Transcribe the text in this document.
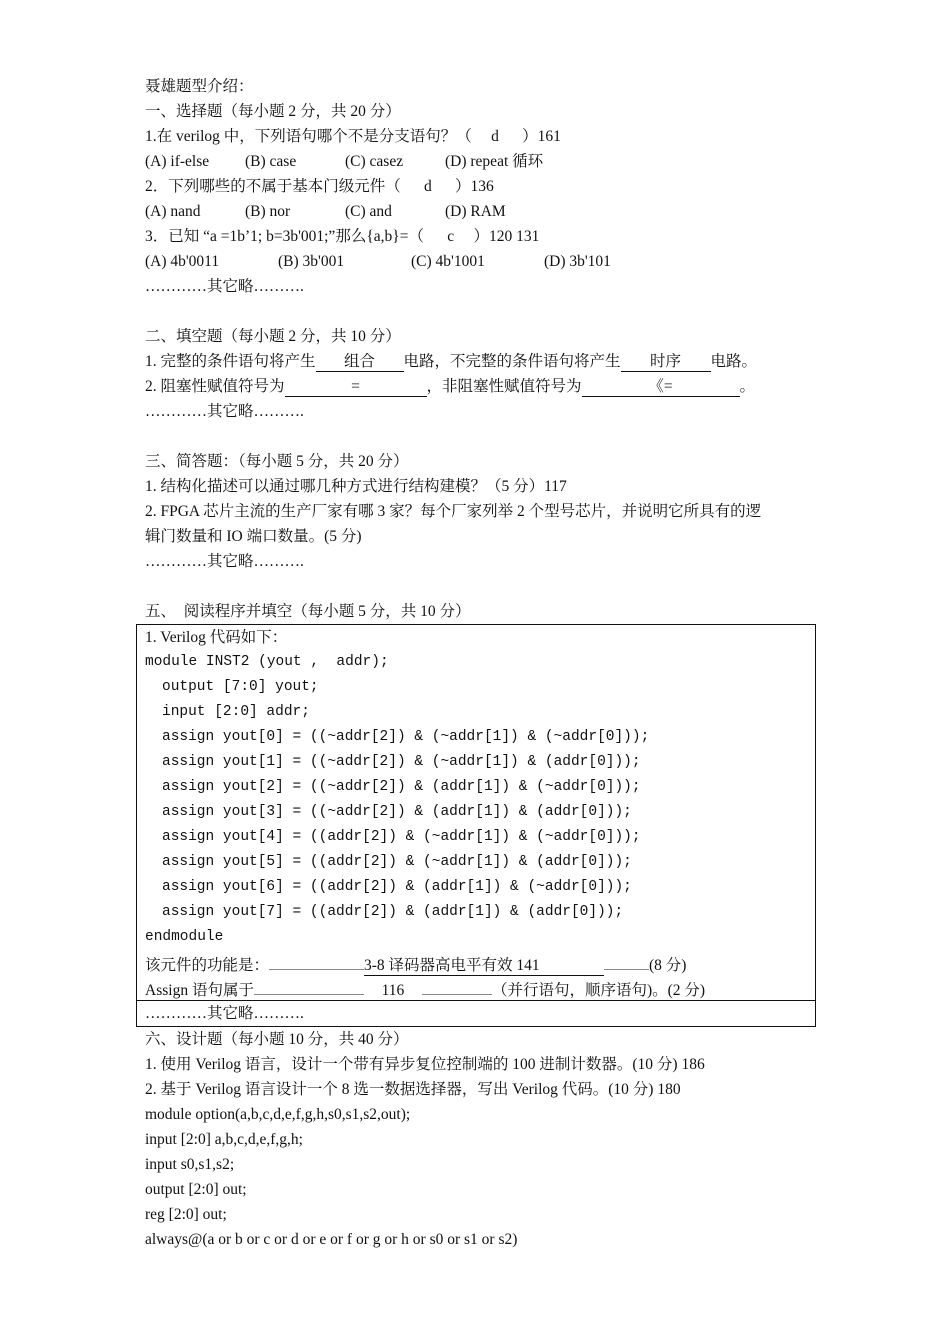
聂雄题型介绍：
一、选择题（每小题 2 分，共 20 分）
1.在 verilog 中，下列语句哪个不是分支语句？（     d      ）161
(A) if-else (B) case	(C) casez	(D) repeat 循环
2．下列哪些的不属于基本门级元件（      d      ）136
(A) nand	(B) nor	(C) and	(D) RAM
3．已知 “a =1b’1; b=3b'001;”那么{a,b}=（      c     ）120 131
(A) 4b'0011	(B) 3b'001	(C) 4b'1001	(D) 3b'101
…………其它略……….
二、填空题（每小题 2 分，共 10 分）
1. 完整的条件语句将产生 组合 电路，不完整的条件语句将产生 时序 电路。
2. 阻塞性赋值符号为	=	，非阻塞性赋值符号为	《=	。
…………其它略……….
三、简答题：（每小题 5 分，共 20 分）
1. 结构化描述可以通过哪几种方式进行结构建模？（5 分）117
2. FPGA 芯片主流的生产厂家有哪 3 家？每个厂家列举 2 个型号芯片，并说明它所具有的逻
辑门数量和 IO 端口数量。(5 分)
…………其它略……….
五、  阅读程序并填空（每小题 5 分，共 10 分）
1. Verilog 代码如下：
module INST2 (yout ,  addr);
output [7:0] yout;
input [2:0] addr;
assign yout[0] = ((~addr[2]) & (~addr[1]) & (~addr[0]));
assign yout[1] = ((~addr[2]) & (~addr[1]) & (addr[0]));
assign yout[2] = ((~addr[2]) & (addr[1]) & (~addr[0]));
assign yout[3] = ((~addr[2]) & (addr[1]) & (addr[0]));
assign yout[4] = ((addr[2]) & (~addr[1]) & (~addr[0]));
assign yout[5] = ((addr[2]) & (~addr[1]) & (addr[0]));
assign yout[6] = ((addr[2]) & (addr[1]) & (~addr[0]));
assign yout[7] = ((addr[2]) & (addr[1]) & (addr[0]));
endmodule
该元件的功能是：	3-8 译码器高电平有效 141	(8 分)
Assign 语句属于	116	（并行语句，顺序语句)。(2 分)
…………其它略……….
六、设计题（每小题 10 分，共 40 分）
1. 使用 Verilog 语言，设计一个带有异步复位控制端的 100 进制计数器。(10 分) 186
2. 基于 Verilog 语言设计一个 8 选一数据选择器，写出 Verilog 代码。(10 分) 180
module option(a,b,c,d,e,f,g,h,s0,s1,s2,out);
input [2:0] a,b,c,d,e,f,g,h;
input s0,s1,s2;
output [2:0] out;
reg [2:0] out;
always@(a or b or c or d or e or f or g or h or s0 or s1 or s2)
